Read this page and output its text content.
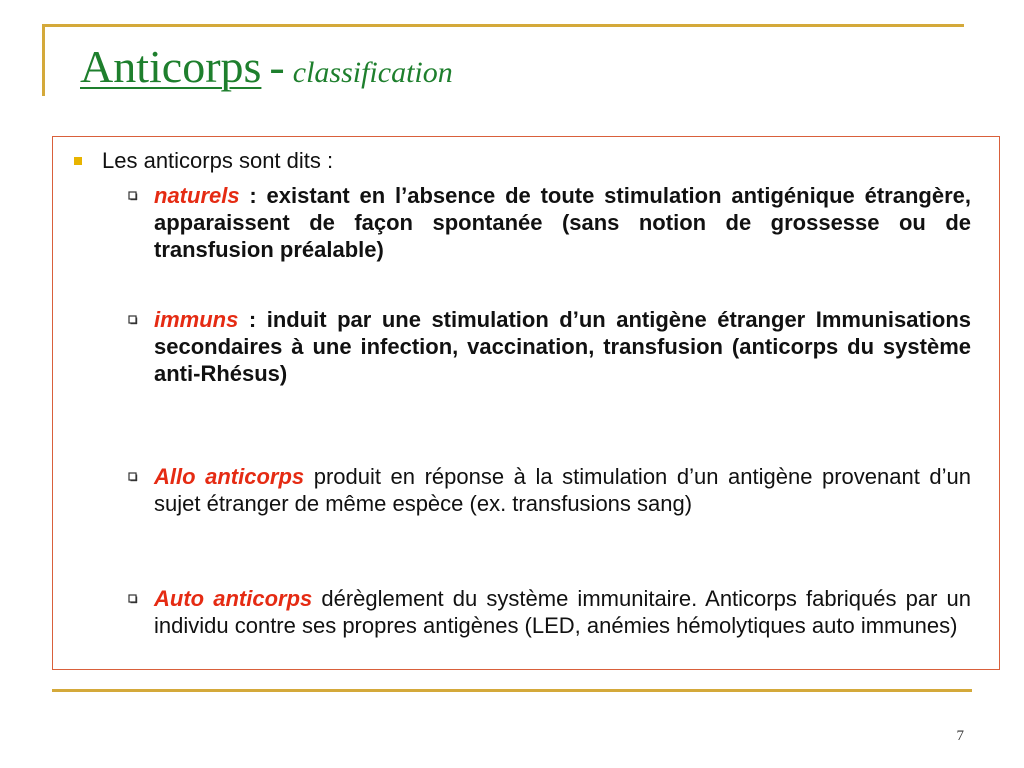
Anticorps - classification
Les anticorps sont dits :
naturels : existant en l’absence de toute stimulation antigénique étrangère, apparaissent de façon spontanée (sans notion de grossesse ou de transfusion préalable)
immuns : induit par une stimulation d’un antigène étranger Immunisations secondaires à une infection, vaccination, transfusion (anticorps du système anti-Rhésus)
Allo anticorps produit en réponse à la stimulation d’un antigène provenant d’un sujet étranger de même espèce (ex. transfusions sang)
Auto anticorps dérèglement du système immunitaire. Anticorps fabriqués par un individu contre ses propres antigènes (LED, anémies hémolytiques auto immunes)
7
